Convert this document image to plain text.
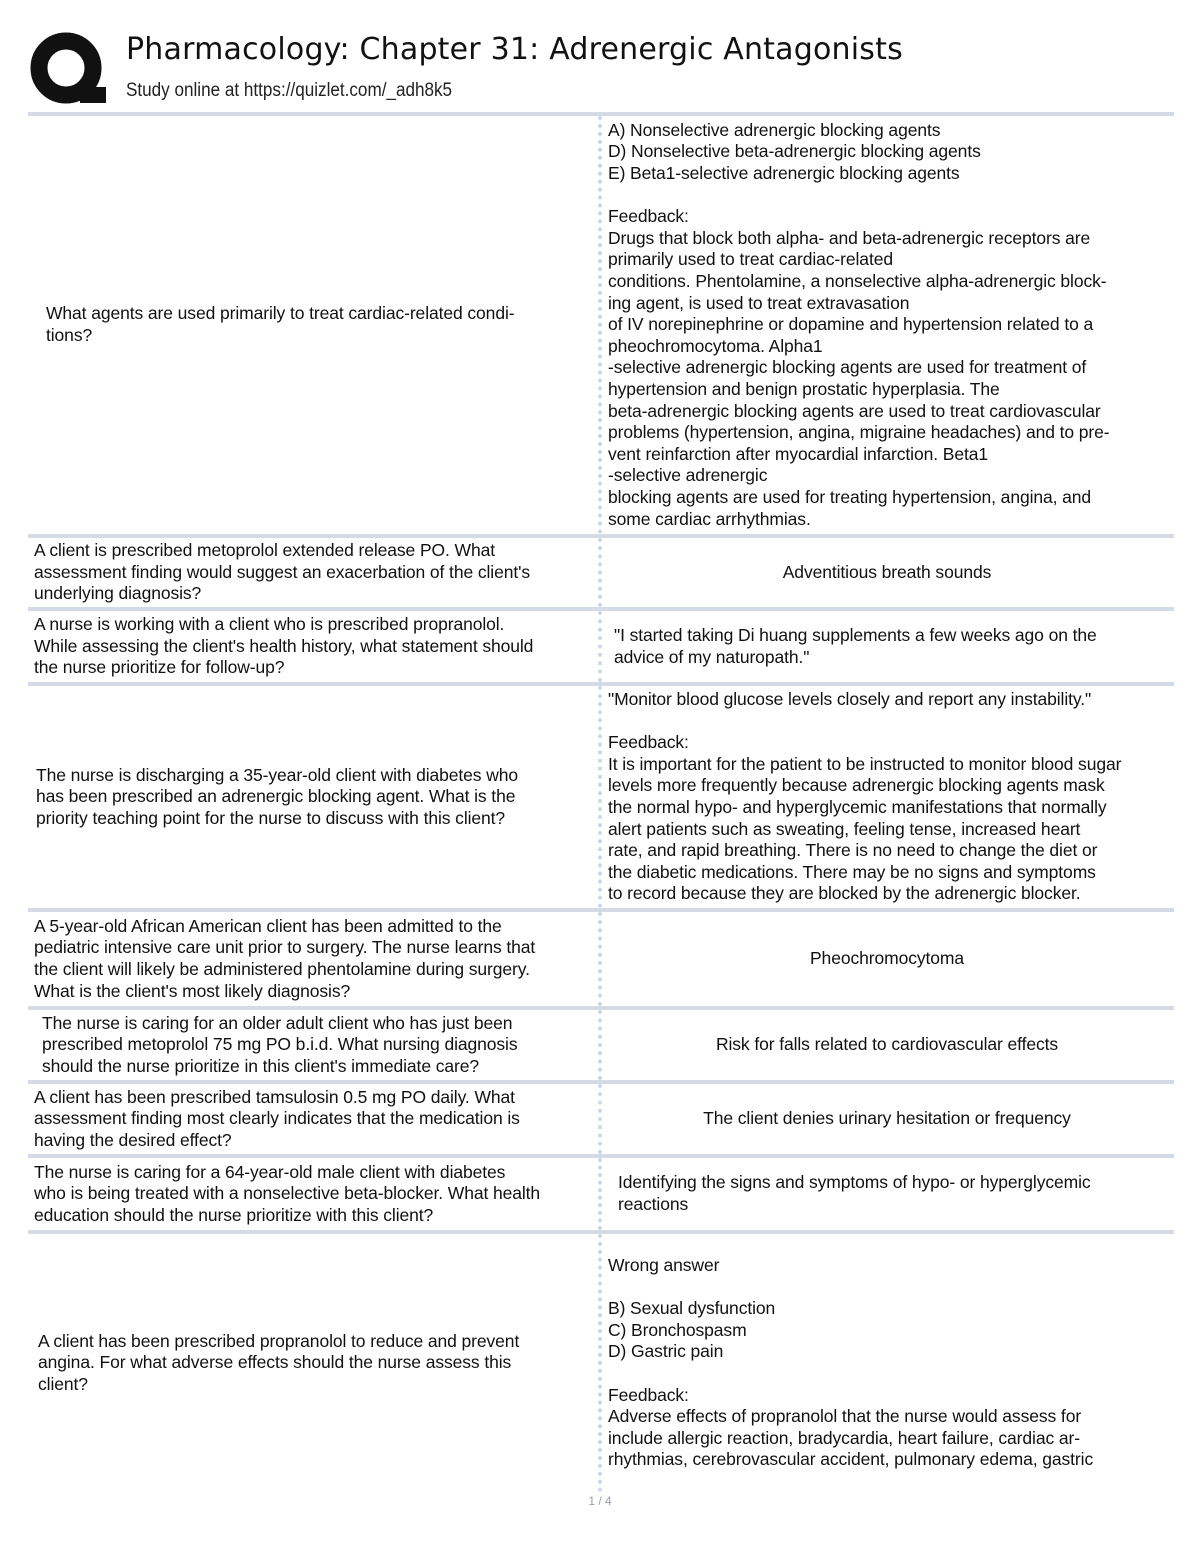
Pharmacology: Chapter 31: Adrenergic Antagonists
Study online at https://quizlet.com/_adh8k5
What agents are used primarily to treat cardiac-related condi-
tions?
A) Nonselective adrenergic blocking agents
D) Nonselective beta-adrenergic blocking agents
E) Beta1-selective adrenergic blocking agents

Feedback:
Drugs that block both alpha- and beta-adrenergic receptors are
primarily used to treat cardiac-related
conditions. Phentolamine, a nonselective alpha-adrenergic block-
ing agent, is used to treat extravasation
of IV norepinephrine or dopamine and hypertension related to a
pheochromocytoma. Alpha1
-selective adrenergic blocking agents are used for treatment of
hypertension and benign prostatic hyperplasia. The
beta-adrenergic blocking agents are used to treat cardiovascular
problems (hypertension, angina, migraine headaches) and to pre-
vent reinfarction after myocardial infarction. Beta1
-selective adrenergic
blocking agents are used for treating hypertension, angina, and
some cardiac arrhythmias.
A client is prescribed metoprolol extended release PO. What
assessment finding would suggest an exacerbation of the client's
underlying diagnosis?
Adventitious breath sounds
A nurse is working with a client who is prescribed propranolol.
While assessing the client's health history, what statement should
the nurse prioritize for follow-up?
"I started taking Di huang supplements a few weeks ago on the
advice of my naturopath."
The nurse is discharging a 35-year-old client with diabetes who
has been prescribed an adrenergic blocking agent. What is the
priority teaching point for the nurse to discuss with this client?
"Monitor blood glucose levels closely and report any instability."

Feedback:
It is important for the patient to be instructed to monitor blood sugar
levels more frequently because adrenergic blocking agents mask
the normal hypo- and hyperglycemic manifestations that normally
alert patients such as sweating, feeling tense, increased heart
rate, and rapid breathing. There is no need to change the diet or
the diabetic medications. There may be no signs and symptoms
to record because they are blocked by the adrenergic blocker.
A 5-year-old African American client has been admitted to the
pediatric intensive care unit prior to surgery. The nurse learns that
the client will likely be administered phentolamine during surgery.
What is the client's most likely diagnosis?
Pheochromocytoma
The nurse is caring for an older adult client who has just been
prescribed metoprolol 75 mg PO b.i.d. What nursing diagnosis
should the nurse prioritize in this client's immediate care?
Risk for falls related to cardiovascular effects
A client has been prescribed tamsulosin 0.5 mg PO daily. What
assessment finding most clearly indicates that the medication is
having the desired effect?
The client denies urinary hesitation or frequency
The nurse is caring for a 64-year-old male client with diabetes
who is being treated with a nonselective beta-blocker. What health
education should the nurse prioritize with this client?
Identifying the signs and symptoms of hypo- or hyperglycemic
reactions
A client has been prescribed propranolol to reduce and prevent
angina. For what adverse effects should the nurse assess this
client?
Wrong answer

B) Sexual dysfunction
C) Bronchospasm
D) Gastric pain

Feedback:
Adverse effects of propranolol that the nurse would assess for
include allergic reaction, bradycardia, heart failure, cardiac ar-
rhythmias, cerebrovascular accident, pulmonary edema, gastric
1 / 4
